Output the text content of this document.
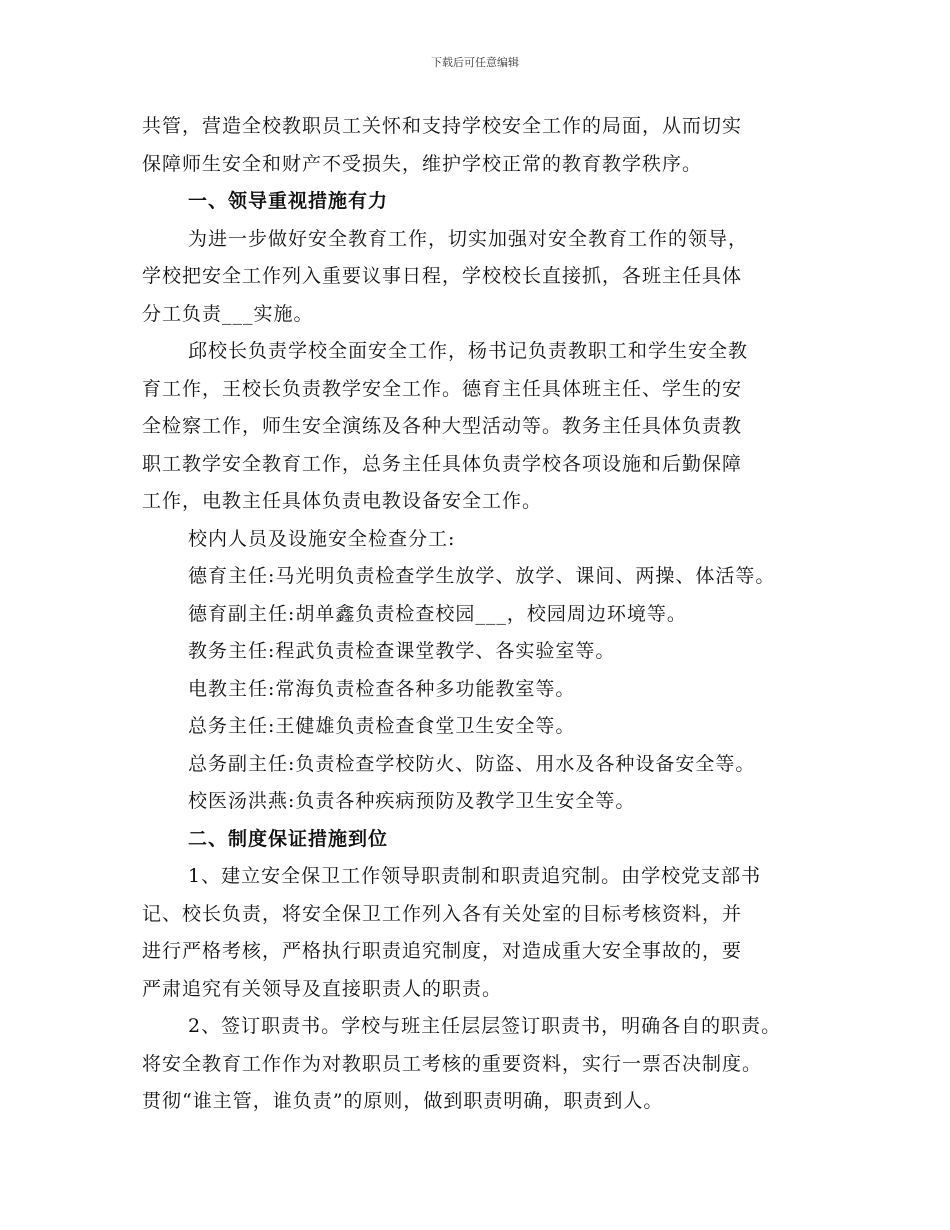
下载后可任意编辑
共管，营造全校教职员工关怀和支持学校安全工作的局面，从而切实
保障师生安全和财产不受损失，维护学校正常的教育教学秩序。
一、领导重视措施有力
为进一步做好安全教育工作，切实加强对安全教育工作的领导，
学校把安全工作列入重要议事日程，学校校长直接抓，各班主任具体
分工负责___实施。
邱校长负责学校全面安全工作，杨书记负责教职工和学生安全教
育工作，王校长负责教学安全工作。德育主任具体班主任、学生的安
全检察工作，师生安全演练及各种大型活动等。教务主任具体负责教
职工教学安全教育工作，总务主任具体负责学校各项设施和后勤保障
工作，电教主任具体负责电教设备安全工作。
校内人员及设施安全检查分工:
德育主任:马光明负责检查学生放学、放学、课间、两操、体活等。
德育副主任:胡单鑫负责检查校园___，校园周边环境等。
教务主任:程武负责检查课堂教学、各实验室等。
电教主任:常海负责检查各种多功能教室等。
总务主任:王健雄负责检查食堂卫生安全等。
总务副主任:负责检查学校防火、防盗、用水及各种设备安全等。
校医汤洪燕:负责各种疾病预防及教学卫生安全等。
二、制度保证措施到位
1、建立安全保卫工作领导职责制和职责追究制。由学校党支部书
记、校长负责，将安全保卫工作列入各有关处室的目标考核资料，并
进行严格考核，严格执行职责追究制度，对造成重大安全事故的，要
严肃追究有关领导及直接职责人的职责。
2、签订职责书。学校与班主任层层签订职责书，明确各自的职责。
将安全教育工作作为对教职员工考核的重要资料，实行一票否决制度。
贯彻“谁主管，谁负责”的原则，做到职责明确，职责到人。
